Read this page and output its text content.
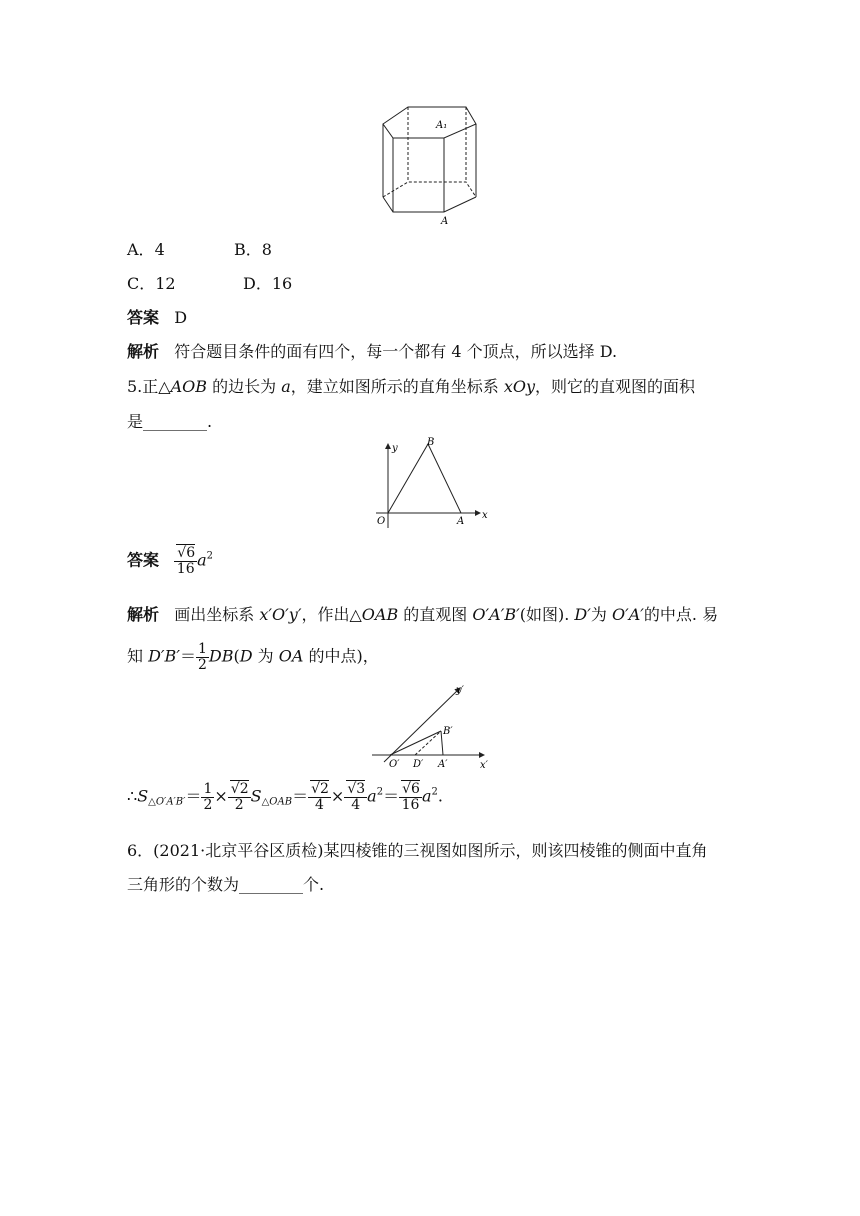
A₁
A
A．4	B．8
C．12	D．16
答案 D
解析 符合题目条件的面有四个，每一个都有 4 个顶点，所以选择 D.
5.正△AOB 的边长为 a，建立如图所示的直角坐标系 xOy，则它的直观图的面积
是________.
y
x
B
O	A
答案 √ $\frac{6}{16} a^2$
解析 画出坐标系 x′O′y′，作出△OAB 的直观图 O′A′B′(如图). D′为 O′A′的中点. 易
知 $D'B'= \frac{1}{2} DB(D$ 为 OA 的中点)，
y′
x′
B′
O′ D′ A′
$\therefore S_{\triangle O'A'B'}= \frac{1}{2}$ × √ $\frac{2}{2} S_{\triangle OAB}=$ √ $\frac{2}{4}$ × √ $\frac{3}{4} a^2=$ √ $\frac{6}{16} a^2$.
6．(2021·北京平谷区质检)某四棱锥的三视图如图所示，则该四棱锥的侧面中直角
三角形的个数为________个.
